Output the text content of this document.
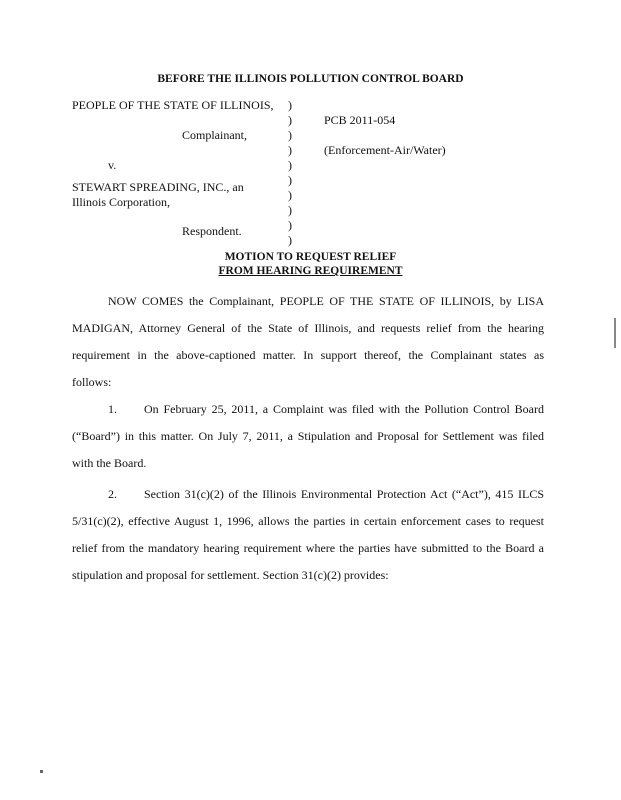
BEFORE THE ILLINOIS POLLUTION CONTROL BOARD
PEOPLE OF THE STATE OF ILLINOIS,
Complainant,
v.
STEWART SPREADING, INC., an
Illinois Corporation,
Respondent.
)
)
)
)
)
)
)
)
)
)
PCB 2011-054
(Enforcement-Air/Water)
MOTION TO REQUEST RELIEF
FROM HEARING REQUIREMENT
NOW COMES the Complainant, PEOPLE OF THE STATE OF ILLINOIS, by LISA
MADIGAN, Attorney General of the State of Illinois, and requests relief from the hearing
requirement in the above-captioned matter. In support thereof, the Complainant states as
follows:
1. On February 25, 2011, a Complaint was filed with the Pollution Control Board
(“Board”) in this matter. On July 7, 2011, a Stipulation and Proposal for Settlement was filed
with the Board.
2. Section 31(c)(2) of the Illinois Environmental Protection Act (“Act”), 415 ILCS
5/31(c)(2), effective August 1, 1996, allows the parties in certain enforcement cases to request
relief from the mandatory hearing requirement where the parties have submitted to the Board a
stipulation and proposal for settlement. Section 31(c)(2) provides:
